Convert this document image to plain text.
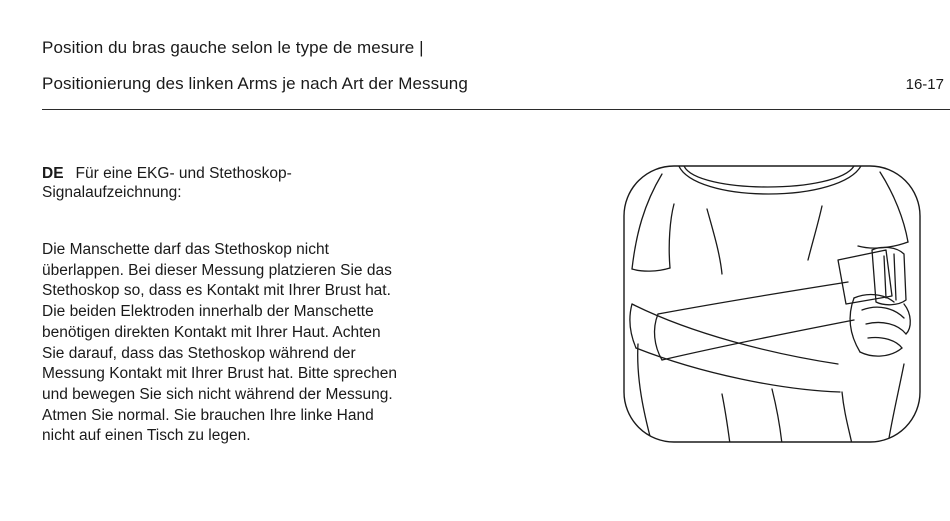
Position du bras gauche selon le type de mesure |
Positionierung des linken Arms je nach Art der Messung	16-17
DE Für eine EKG- und Stethoskop-Signalaufzeichnung:
Die Manschette darf das Stethoskop nicht
überlappen. Bei dieser Messung platzieren Sie das
Stethoskop so, dass es Kontakt mit Ihrer Brust hat.
Die beiden Elektroden innerhalb der Manschette
benötigen direkten Kontakt mit Ihrer Haut. Achten
Sie darauf, dass das Stethoskop während der
Messung Kontakt mit Ihrer Brust hat. Bitte sprechen
und bewegen Sie sich nicht während der Messung.
Atmen Sie normal. Sie brauchen Ihre linke Hand
nicht auf einen Tisch zu legen.
